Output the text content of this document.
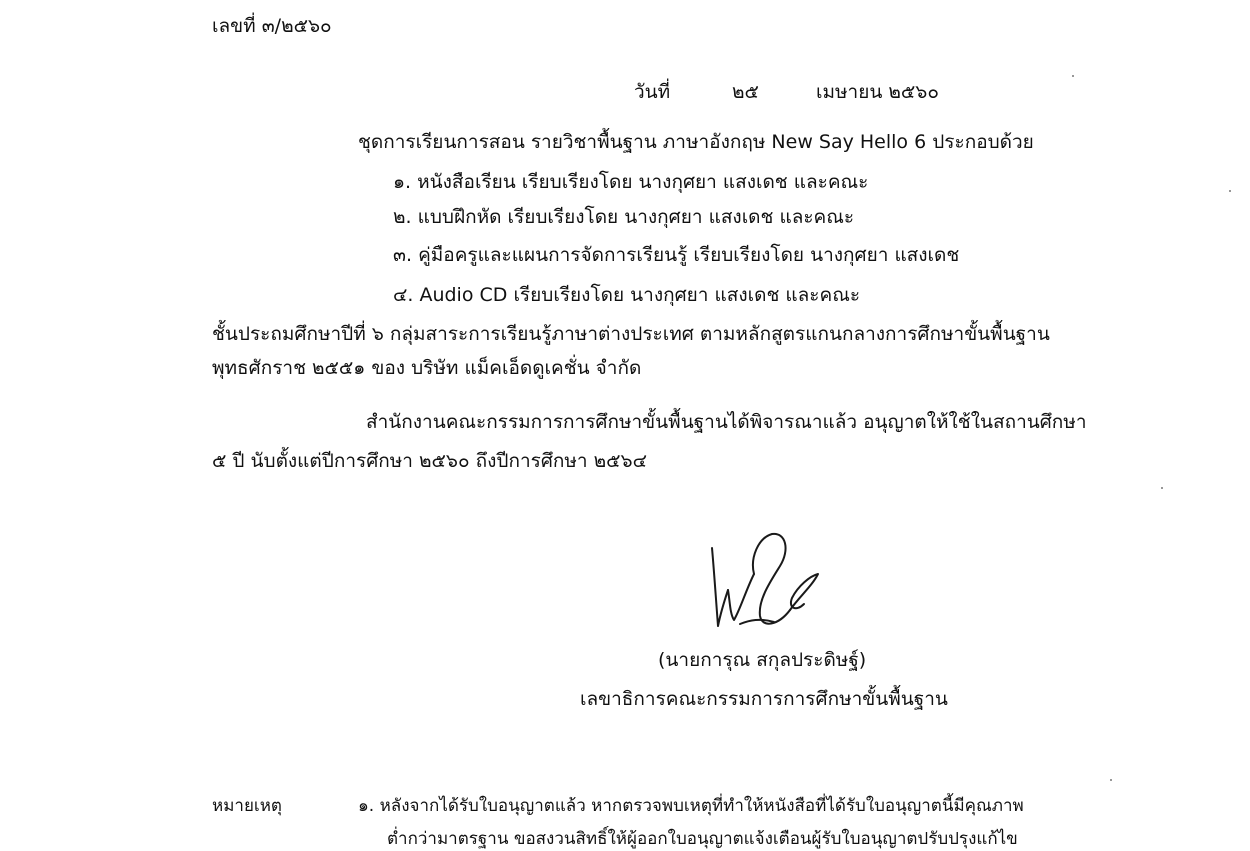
เลขที่ ๓/๒๕๖๐
วันที่	๒๕	เมษายน ๒๕๖๐
ชุดการเรียนการสอน รายวิชาพื้นฐาน ภาษาอังกฤษ New Say Hello 6 ประกอบด้วย
๑. หนังสือเรียน เรียบเรียงโดย นางกุศยา แสงเดช และคณะ
๒. แบบฝึกหัด เรียบเรียงโดย นางกุศยา แสงเดช และคณะ
๓. คู่มือครูและแผนการจัดการเรียนรู้ เรียบเรียงโดย นางกุศยา แสงเดช
๔. Audio CD เรียบเรียงโดย นางกุศยา แสงเดช และคณะ
ชั้นประถมศึกษาปีที่ ๖ กลุ่มสาระการเรียนรู้ภาษาต่างประเทศ ตามหลักสูตรแกนกลางการศึกษาขั้นพื้นฐาน
พุทธศักราช ๒๕๕๑ ของ บริษัท แม็คเอ็ดดูเคชั่น จำกัด
สำนักงานคณะกรรมการการศึกษาขั้นพื้นฐานได้พิจารณาแล้ว อนุญาตให้ใช้ในสถานศึกษา
๕ ปี นับตั้งแต่ปีการศึกษา ๒๕๖๐ ถึงปีการศึกษา ๒๕๖๔
(นายการุณ สกุลประดิษฐ์)
เลขาธิการคณะกรรมการการศึกษาขั้นพื้นฐาน
หมายเหตุ	๑. หลังจากได้รับใบอนุญาตแล้ว หากตรวจพบเหตุที่ทำให้หนังสือที่ได้รับใบอนุญาตนี้มีคุณภาพ
ต่ำกว่ามาตรฐาน ขอสงวนสิทธิ์ให้ผู้ออกใบอนุญาตแจ้งเตือนผู้รับใบอนุญาตปรับปรุงแก้ไข
